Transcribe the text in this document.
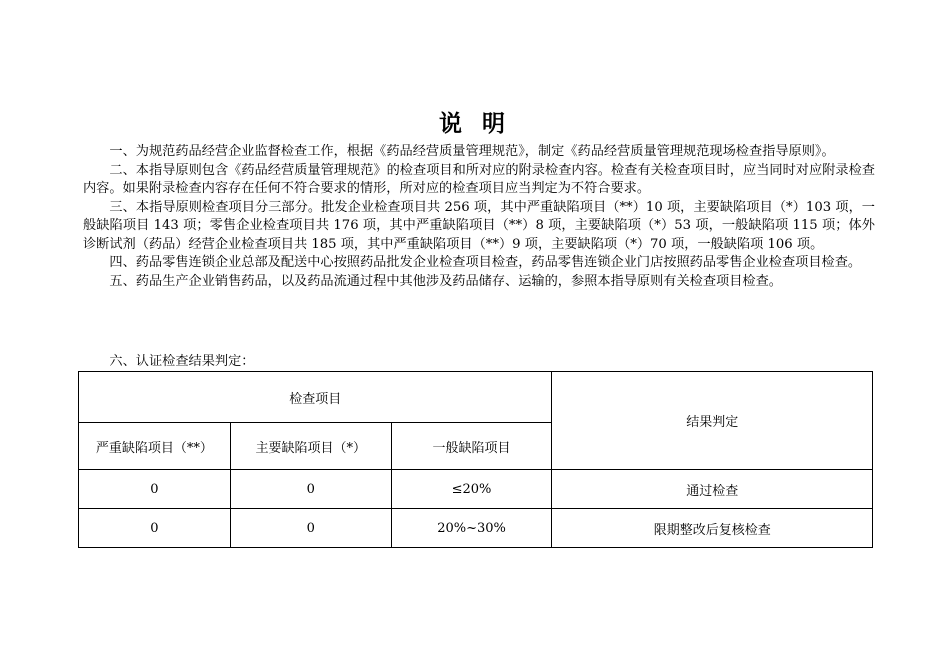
说 明

一、为规范药品经营企业监督检查工作，根据《药品经营质量管理规范》，制定《药品经营质量管理规范现场检查指导原则》。

二、本指导原则包含《药品经营质量管理规范》的检查项目和所对应的附录检查内容。检查有关检查项目时，应当同时对应附录检查内容。如果附录检查内容存在任何不符合要求的情形，所对应的检查项目应当判定为不符合要求。

三、本指导原则检查项目分三部分。批发企业检查项目共 256 项，其中严重缺陷项目（**）10 项，主要缺陷项目（*）103 项，一般缺陷项目 143 项；零售企业检查项目共 176 项，其中严重缺陷项目（**）8 项，主要缺陷项（*）53 项，一般缺陷项 115 项；体外诊断试剂（药品）经营企业检查项目共 185 项，其中严重缺陷项目（**）9 项，主要缺陷项（*）70 项，一般缺陷项 106 项。

四、药品零售连锁企业总部及配送中心按照药品批发企业检查项目检查，药品零售连锁企业门店按照药品零售企业检查项目检查。

五、药品生产企业销售药品，以及药品流通过程中其他涉及药品储存、运输的，参照本指导原则有关检查项目检查。

六、认证检查结果判定：
检查项目			结果判定
严重缺陷项目（**）	主要缺陷项目（*）	一般缺陷项目	
0	0	≤20%	通过检查
0	0	20%~30%	限期整改后复核检查
